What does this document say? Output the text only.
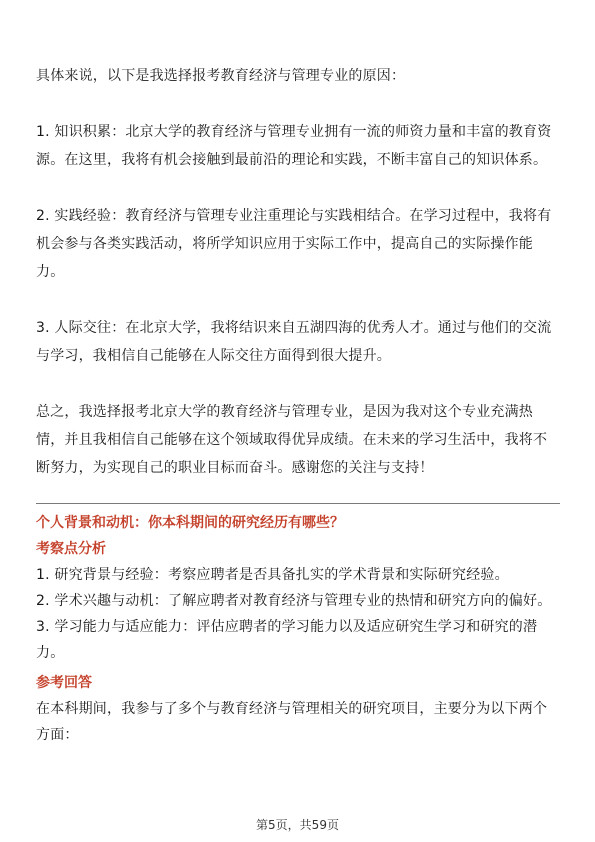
具体来说，以下是我选择报考教育经济与管理专业的原因：

1. 知识积累：北京大学的教育经济与管理专业拥有一流的师资力量和丰富的教育资源。在这里，我将有机会接触到最前沿的理论和实践，不断丰富自己的知识体系。

2. 实践经验：教育经济与管理专业注重理论与实践相结合。在学习过程中，我将有机会参与各类实践活动，将所学知识应用于实际工作中，提高自己的实际操作能力。

3. 人际交往：在北京大学，我将结识来自五湖四海的优秀人才。通过与他们的交流与学习，我相信自己能够在人际交往方面得到很大提升。

总之，我选择报考北京大学的教育经济与管理专业，是因为我对这个专业充满热情，并且我相信自己能够在这个领域取得优异成绩。在未来的学习生活中，我将不断努力，为实现自己的职业目标而奋斗。感谢您的关注与支持！

个人背景和动机：你本科期间的研究经历有哪些？

考察点分析

1. 研究背景与经验：考察应聘者是否具备扎实的学术背景和实际研究经验。

2. 学术兴趣与动机：了解应聘者对教育经济与管理专业的热情和研究方向的偏好。

3. 学习能力与适应能力：评估应聘者的学习能力以及适应研究生学习和研究的潜力。

参考回答

在本科期间，我参与了多个与教育经济与管理相关的研究项目，主要分为以下两个方面：

第5页，共59页
